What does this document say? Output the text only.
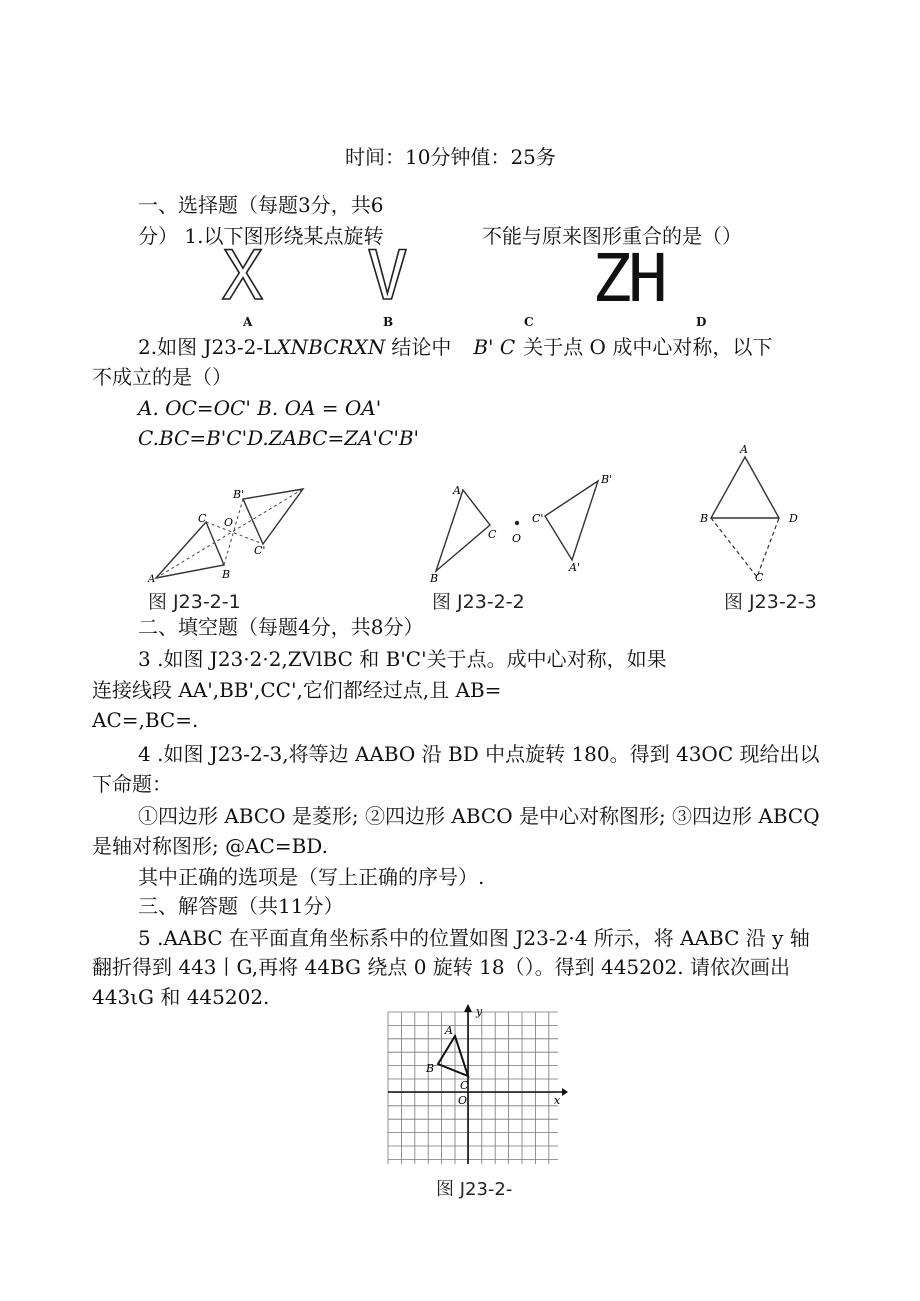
时间：10分钟值：25务
一、选择题（每题3分，共6
分） 1.以下图形绕某点旋转	不能与原来图形重合的是（）
X V	Z
H
A	B	C	D
2.如图 J23-2-LXNBCRXN 结论中 B' C 关于点 O 成中心对称，以下
不成立的是（）
A. OC=OC' B. OA = OA'
C.BC=B'C'D.ZABC=ZA'C'B'
A	B
C O
B'
C'
图 J23-2-1
A
B
C O
C'
B'
A'
图 J23-2-2
A
B	D
C
图 J23-2-3
二、填空题（每题4分，共8分）
3 .如图 J23·2·2,ZVlBC 和 B'C'关于点。成中心对称，如果
连接线段 AA',BB',CC',它们都经过点,且 AB=
AC=,BC=.
4 .如图 J23-2-3,将等边 AABO 沿 BD 中点旋转 180。得到 43OC 现给出以
下命题：
①四边形 ABCO 是菱形; ②四边形 ABCO 是中心对称图形; ③四边形 ABCQ
是轴对称图形; @AC=BD.
其中正确的选项是（写上正确的序号）.
三、解答题（共11分）
5 .AABC 在平面直角坐标系中的位置如图 J23-2·4 所示，将 AABC 沿 y 轴
翻折得到 443丨G,再将 44BG 绕点 0 旋转 18（）。得到 445202. 请依次画出
443ιG 和 445202.
y
x
A
B
C
O
图 J23-2-
